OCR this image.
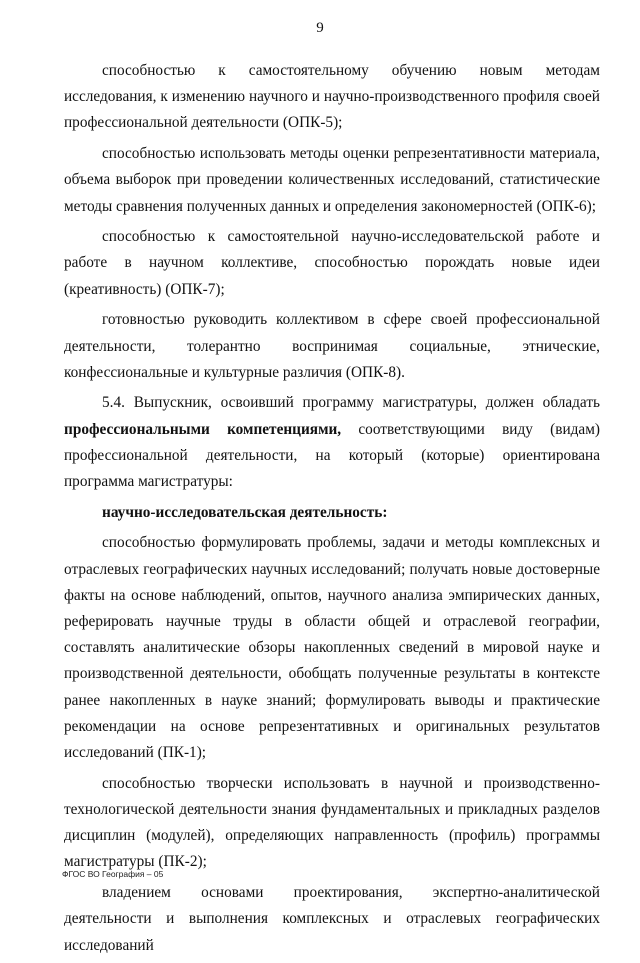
9

способностью к самостоятельному обучению новым методам исследования, к изменению научного и научно-производственного профиля своей профессиональной деятельности (ОПК-5);

способностью использовать методы оценки репрезентативности материала, объема выборок при проведении количественных исследований, статистические методы сравнения полученных данных и определения закономерностей (ОПК-6);

способностью к самостоятельной научно-исследовательской работе и работе в научном коллективе, способностью порождать новые идеи (креативность) (ОПК-7);

готовностью руководить коллективом в сфере своей профессиональной деятельности, толерантно воспринимая социальные, этнические, конфессиональные и культурные различия (ОПК-8).

5.4. Выпускник, освоивший программу магистратуры, должен обладать профессиональными компетенциями, соответствующими виду (видам) профессиональной деятельности, на который (которые) ориентирована программа магистратуры:

научно-исследовательская деятельность:

способностью формулировать проблемы, задачи и методы комплексных и отраслевых географических научных исследований; получать новые достоверные факты на основе наблюдений, опытов, научного анализа эмпирических данных, реферировать научные труды в области общей и отраслевой географии, составлять аналитические обзоры накопленных сведений в мировой науке и производственной деятельности, обобщать полученные результаты в контексте ранее накопленных в науке знаний; формулировать выводы и практические рекомендации на основе репрезентативных и оригинальных результатов исследований (ПК-1);

способностью творчески использовать в научной и производственно-технологической деятельности знания фундаментальных и прикладных разделов дисциплин (модулей), определяющих направленность (профиль) программы магистратуры (ПК-2);

владением основами проектирования, экспертно-аналитической деятельности и выполнения комплексных и отраслевых географических исследований

ФГОС ВО География – 05
